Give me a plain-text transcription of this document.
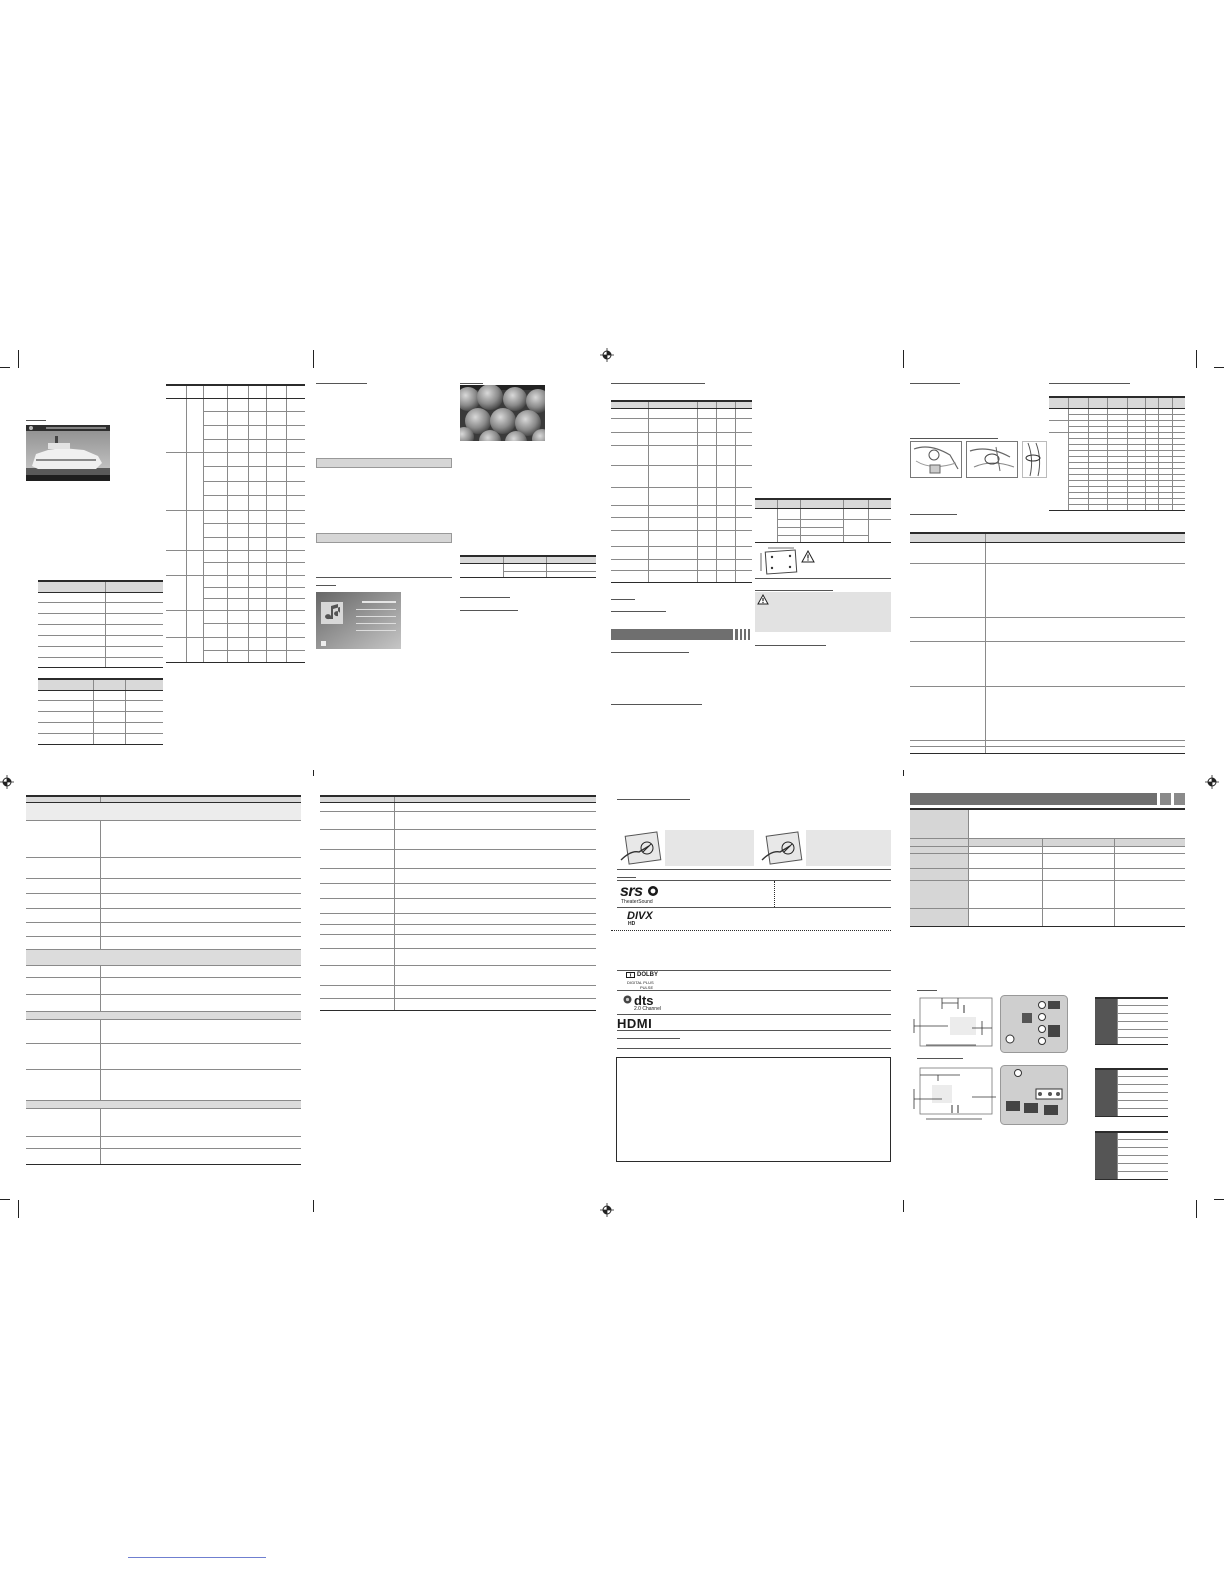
srs
TheaterSound
DIVX
HD
DOLBY
DIGITAL PLUS
PULSE
dts
2.0 Channel
HDMI
